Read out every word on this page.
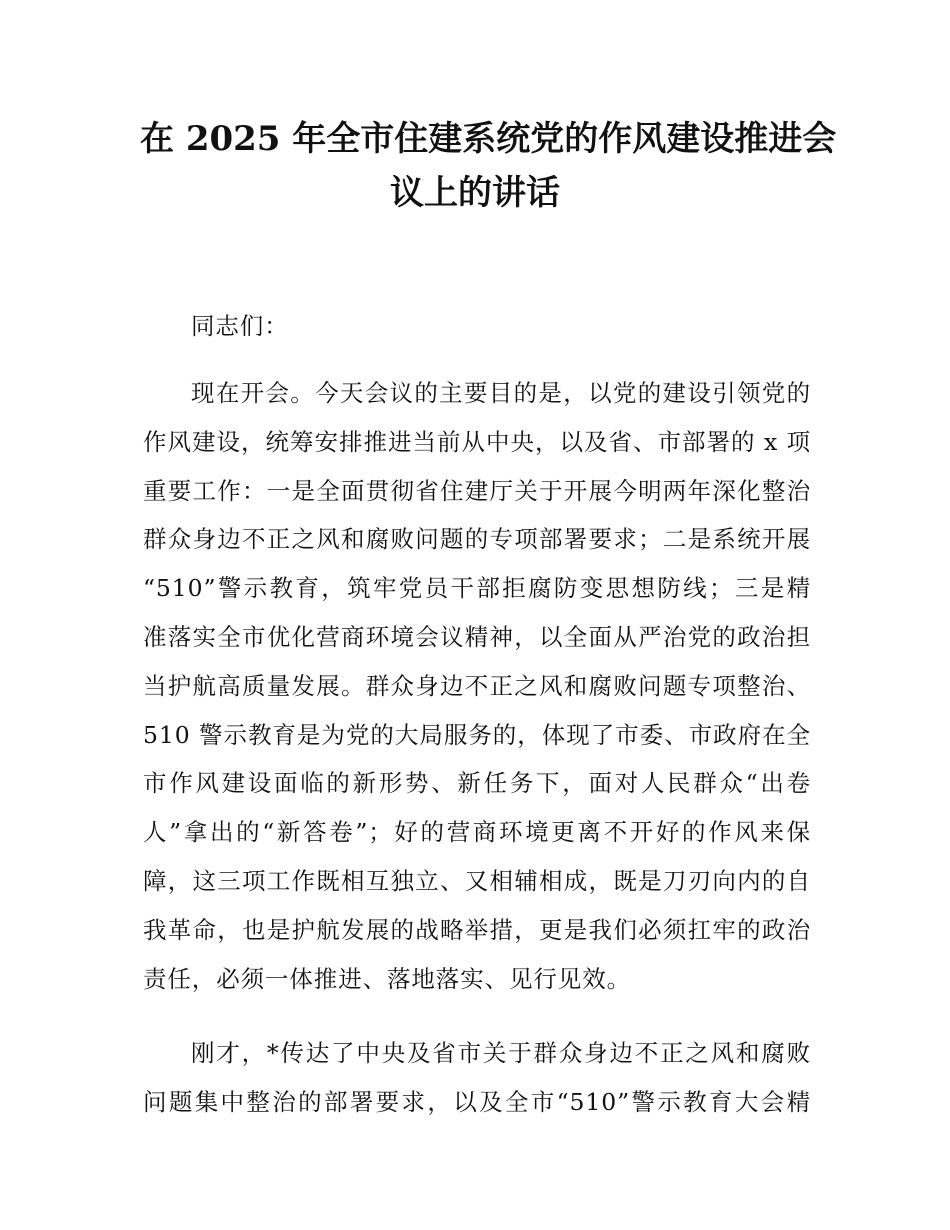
在 2025 年全市住建系统党的作风建设推进会
议上的讲话
同志们：
现在开会。今天会议的主要目的是，以党的建设引领党的
作风建设，统筹安排推进当前从中央，以及省、市部署的 x 项
重要工作：一是全面贯彻省住建厅关于开展今明两年深化整治
群众身边不正之风和腐败问题的专项部署要求；二是系统开展
“510”警示教育，筑牢党员干部拒腐防变思想防线；三是精
准落实全市优化营商环境会议精神，以全面从严治党的政治担
当护航高质量发展。群众身边不正之风和腐败问题专项整治、
510 警示教育是为党的大局服务的，体现了市委、市政府在全
市作风建设面临的新形势、新任务下，面对人民群众“出卷
人”拿出的“新答卷”；好的营商环境更离不开好的作风来保
障，这三项工作既相互独立、又相辅相成，既是刀刃向内的自
我革命，也是护航发展的战略举措，更是我们必须扛牢的政治
责任，必须一体推进、落地落实、见行见效。
刚才，*传达了中央及省市关于群众身边不正之风和腐败
问题集中整治的部署要求，以及全市“510”警示教育大会精
